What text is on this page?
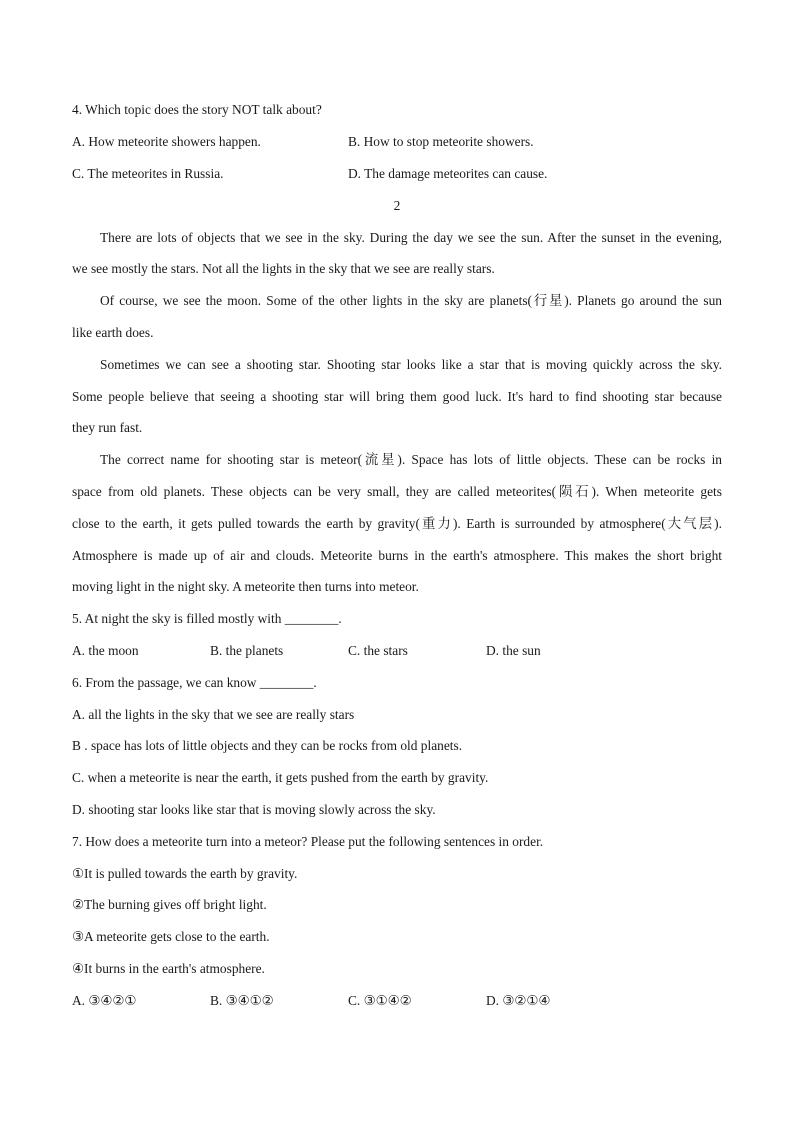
4. Which topic does the story NOT talk about?
A. How meteorite showers happen.	B. How to stop meteorite showers.
C. The meteorites in Russia.	D. The damage meteorites can cause.
2
There are lots of objects that we see in the sky. During the day we see the sun. After the sunset in the evening,
we see mostly the stars. Not all the lights in the sky that we see are really stars.
Of course, we see the moon. Some of the other lights in the sky are planets(行星). Planets go around the sun
like earth does.
Sometimes we can see a shooting star. Shooting star looks like a star that is moving quickly across the sky.
Some people believe that seeing a shooting star will bring them good luck. It's hard to find shooting star because
they run fast.
The correct name for shooting star is meteor(流星). Space has lots of little objects. These can be rocks in
space from old planets. These objects can be very small, they are called meteorites(陨石). When meteorite gets
close to the earth, it gets pulled towards the earth by gravity(重力). Earth is surrounded by atmosphere(大气层).
Atmosphere is made up of air and clouds. Meteorite burns in the earth's atmosphere. This makes the short bright
moving light in the night sky. A meteorite then turns into meteor.
5. At night the sky is filled mostly with ________.
A. the moon	B. the planets	C. the stars	D. the sun
6. From the passage, we can know ________.
A. all the lights in the sky that we see are really stars
B . space has lots of little objects and they can be rocks from old planets.
C. when a meteorite is near the earth, it gets pushed from the earth by gravity.
D. shooting star looks like star that is moving slowly across the sky.
7. How does a meteorite turn into a meteor? Please put the following sentences in order.
①It is pulled towards the earth by gravity.
②The burning gives off bright light.
③A meteorite gets close to the earth.
④It burns in the earth's atmosphere.
A. ③④②①	B. ③④①②	C. ③①④②	D. ③②①④
